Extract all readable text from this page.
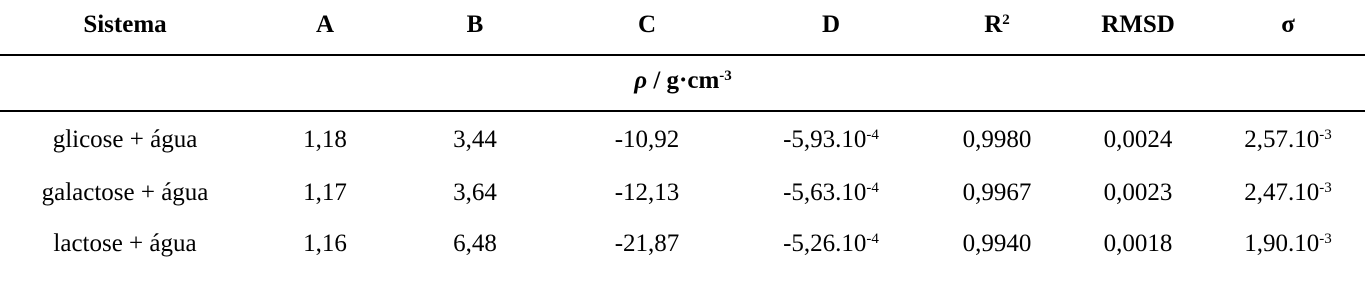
$\rho / g\cdot cm^{-3}$
Sistema	A	B	C	D	$R^2$	RMSD	σ
glicose + água	1,18	3,44	-10,92	$-5,93.10^{-4}$	0,9980	0,0024	$2,57.10^{-3}$
galactose + água	1,17	3,64	-12,13	$-5,63.10^{-4}$	0,9967	0,0023	$2,47.10^{-3}$
lactose + água	1,16	6,48	-21,87	$-5,26.10^{-4}$	0,9940	0,0018	$1,90.10^{-3}$
